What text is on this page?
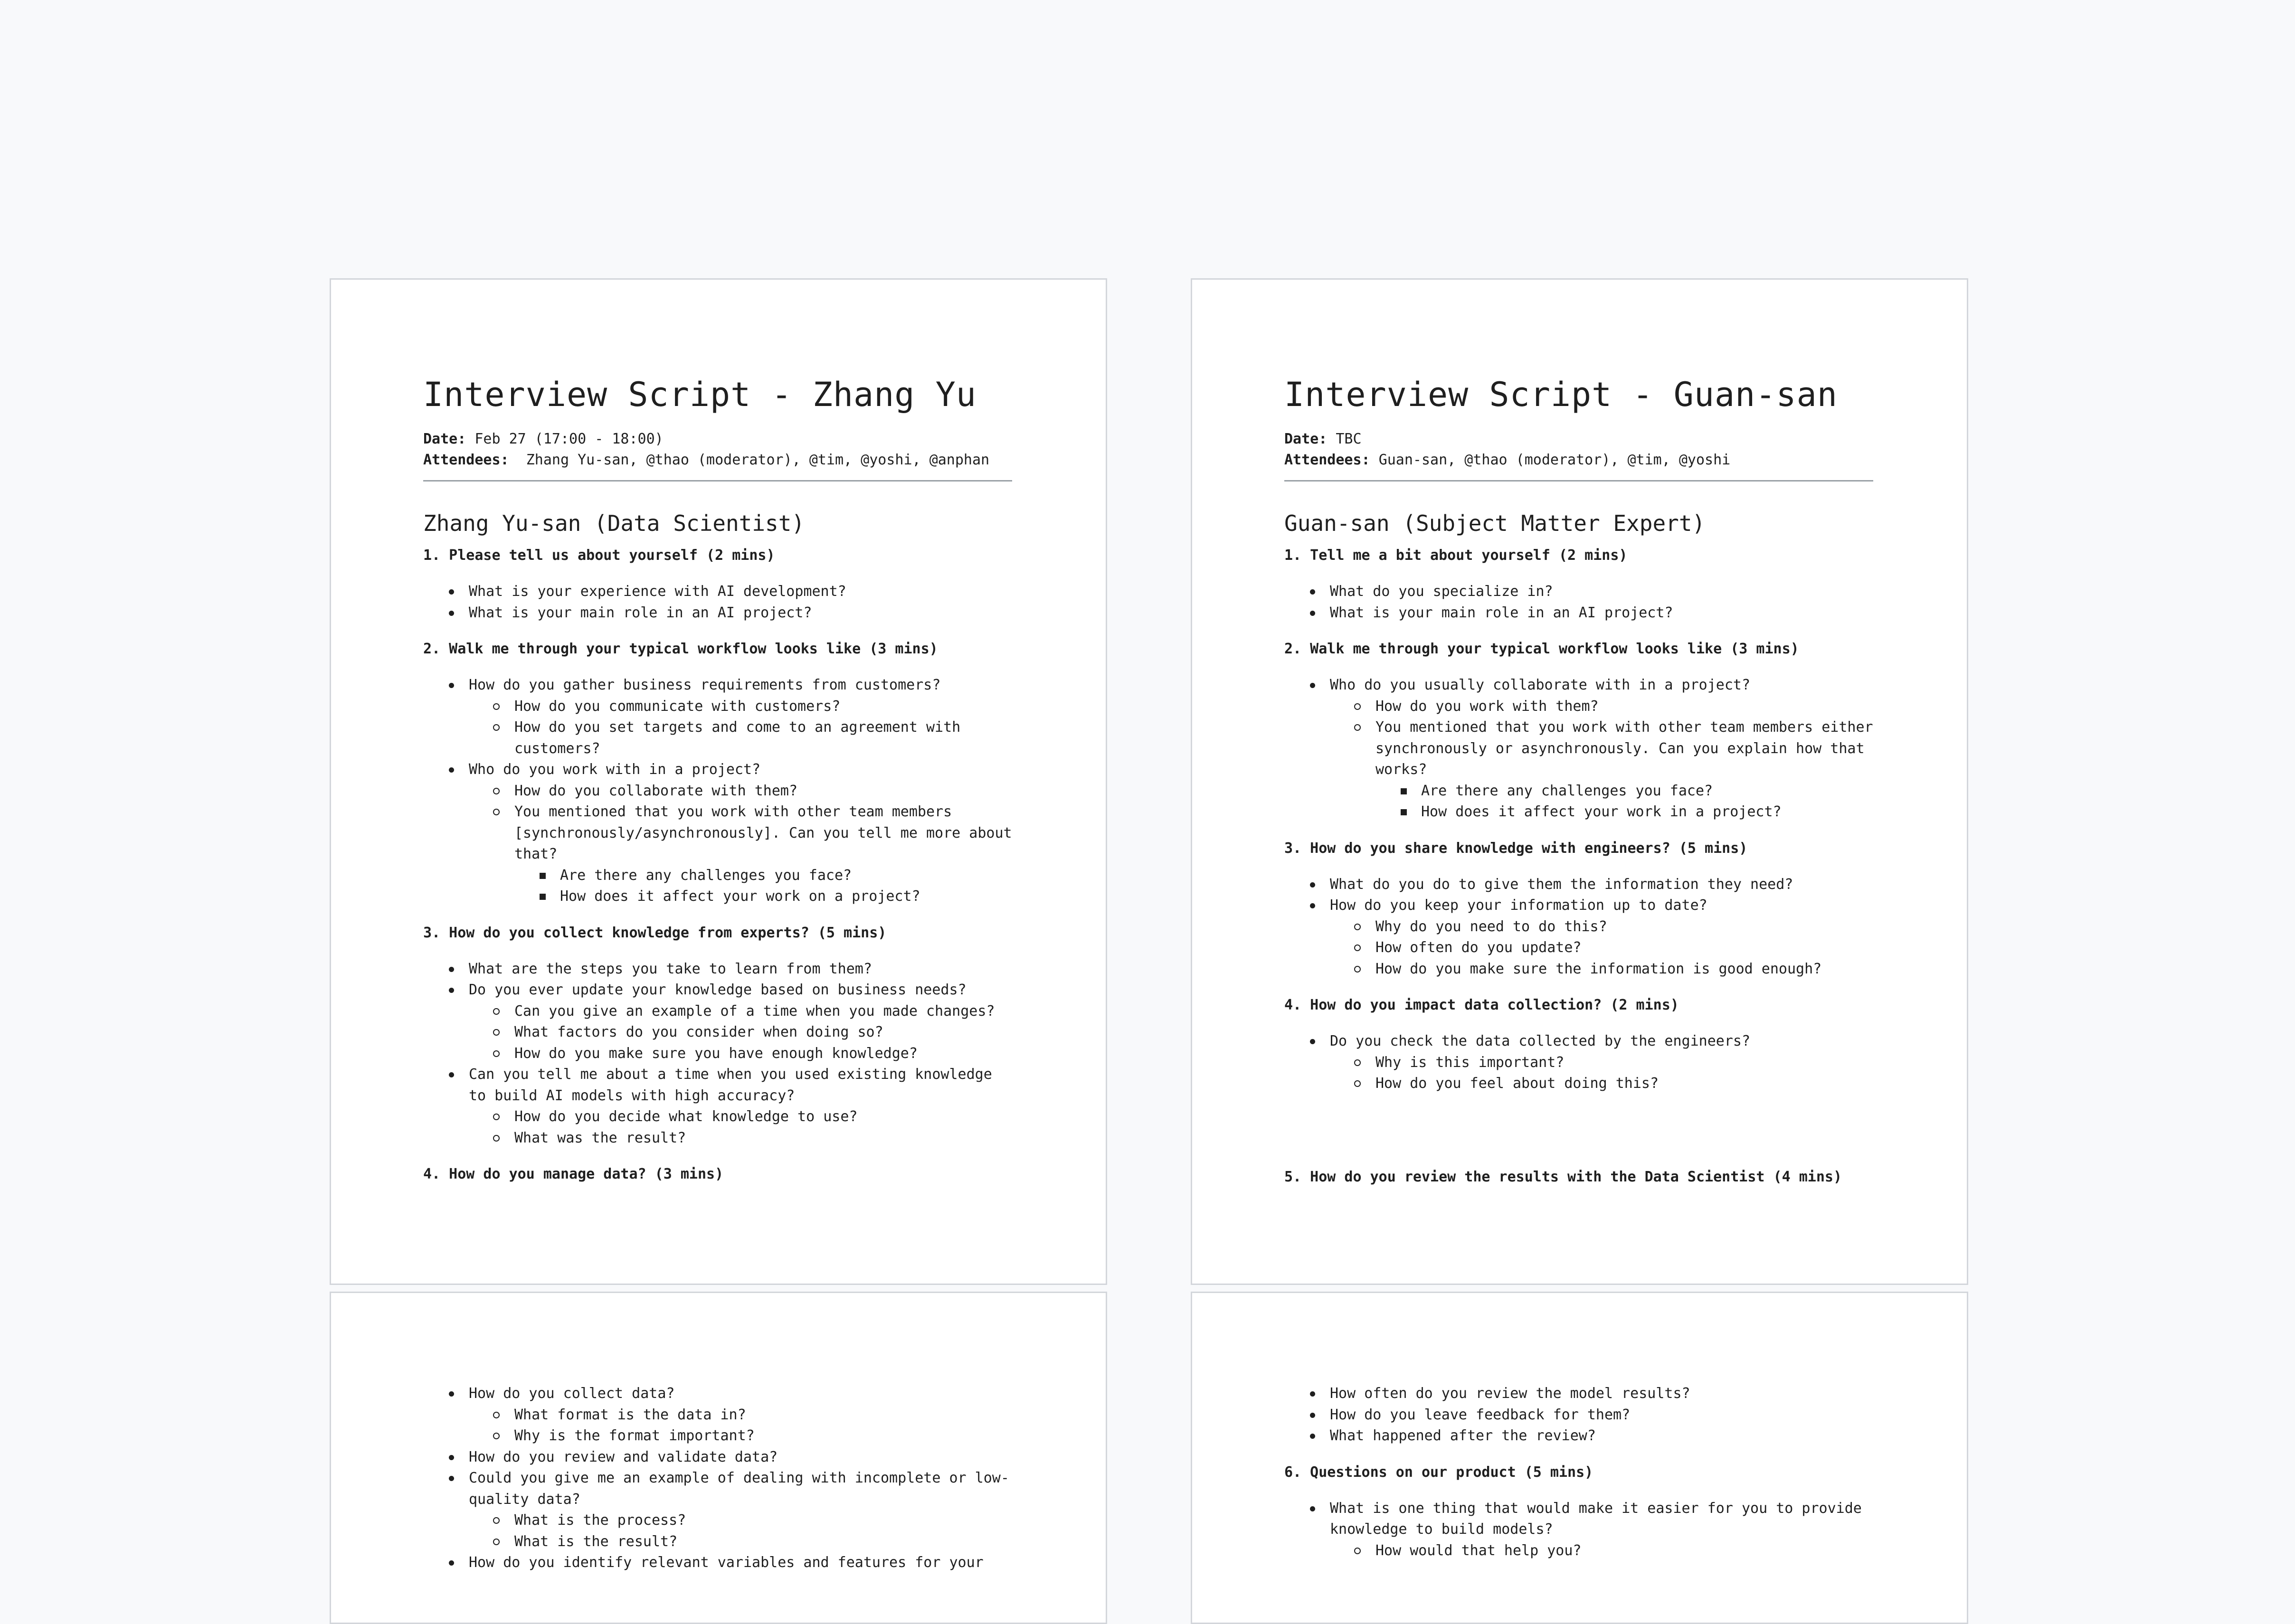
Interview Script - Zhang Yu
Date: Feb 27 (17:00 - 18:00)
Attendees:  Zhang Yu-san, @thao (moderator), @tim, @yoshi, @anphan
Zhang Yu-san (Data Scientist)
1. Please tell us about yourself (2 mins)
What is your experience with AI development?
What is your main role in an AI project?
2. Walk me through your typical workflow looks like (3 mins)
How do you gather business requirements from customers?
How do you communicate with customers?
How do you set targets and come to an agreement with customers?
Who do you work with in a project?
How do you collaborate with them?
You mentioned that you work with other team members [synchronously/asynchronously]. Can you tell me more about that?
Are there any challenges you face?
How does it affect your work on a project?
3. How do you collect knowledge from experts? (5 mins)
What are the steps you take to learn from them?
Do you ever update your knowledge based on business needs?
Can you give an example of a time when you made changes?
What factors do you consider when doing so?
How do you make sure you have enough knowledge?
Can you tell me about a time when you used existing knowledge to build AI models with high accuracy?
How do you decide what knowledge to use?
What was the result?
4. How do you manage data? (3 mins)
Interview Script - Guan-san
Date: TBC
Attendees: Guan-san, @thao (moderator), @tim, @yoshi
Guan-san (Subject Matter Expert)
1. Tell me a bit about yourself (2 mins)
What do you specialize in?
What is your main role in an AI project?
2. Walk me through your typical workflow looks like (3 mins)
Who do you usually collaborate with in a project?
How do you work with them?
You mentioned that you work with other team members either synchronously or asynchronously. Can you explain how that works?
Are there any challenges you face?
How does it affect your work in a project?
3. How do you share knowledge with engineers? (5 mins)
What do you do to give them the information they need?
How do you keep your information up to date?
Why do you need to do this?
How often do you update?
How do you make sure the information is good enough?
4. How do you impact data collection? (2 mins)
Do you check the data collected by the engineers?
Why is this important?
How do you feel about doing this?
5. How do you review the results with the Data Scientist (4 mins)
How do you collect data?
What format is the data in?
Why is the format important?
How do you review and validate data?
Could you give me an example of dealing with incomplete or low-quality data?
What is the process?
What is the result?
How do you identify relevant variables and features for your
How often do you review the model results?
How do you leave feedback for them?
What happened after the review?
6. Questions on our product (5 mins)
What is one thing that would make it easier for you to provide knowledge to build models?
How would that help you?
